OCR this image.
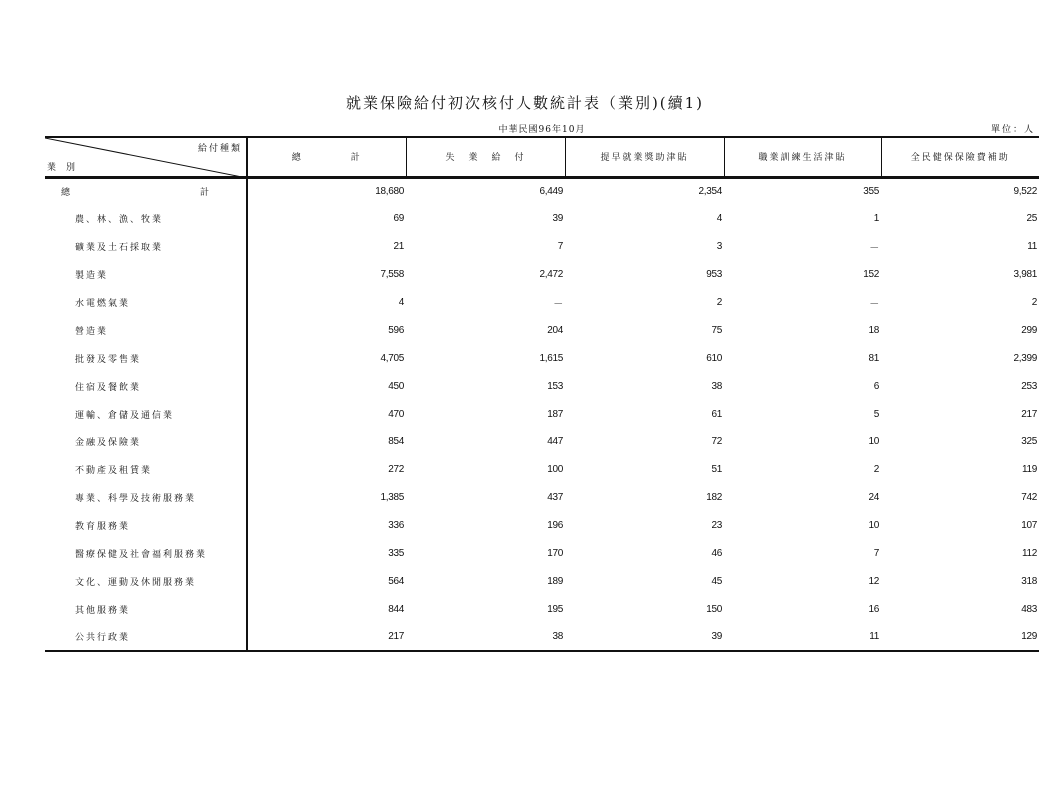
就業保險給付初次核付人數統計表（業別)(續1)
中華民國96年10月	單位：人
給付種類
業別	總計	失業給付	提早就業獎助津貼	職業訓練生活津貼	全民健保保險費補助

總 計	18,680	6,449	2,354	355	9,522
農、林、漁、牧業	69	39	4	1	25
礦業及土石採取業	21	7	3	－	11
製造業	7,558	2,472	953	152	3,981
水電燃氣業	4	－	2	－	2
營造業	596	204	75	18	299
批發及零售業	4,705	1,615	610	81	2,399
住宿及餐飲業	450	153	38	6	253
運輸、倉儲及通信業	470	187	61	5	217
金融及保險業	854	447	72	10	325
不動產及租賃業	272	100	51	2	119
專業、科學及技術服務業	1,385	437	182	24	742
教育服務業	336	196	23	10	107
醫療保健及社會福利服務業	335	170	46	7	112
文化、運動及休閒服務業	564	189	45	12	318
其他服務業	844	195	150	16	483
公共行政業	217	38	39	11	129
